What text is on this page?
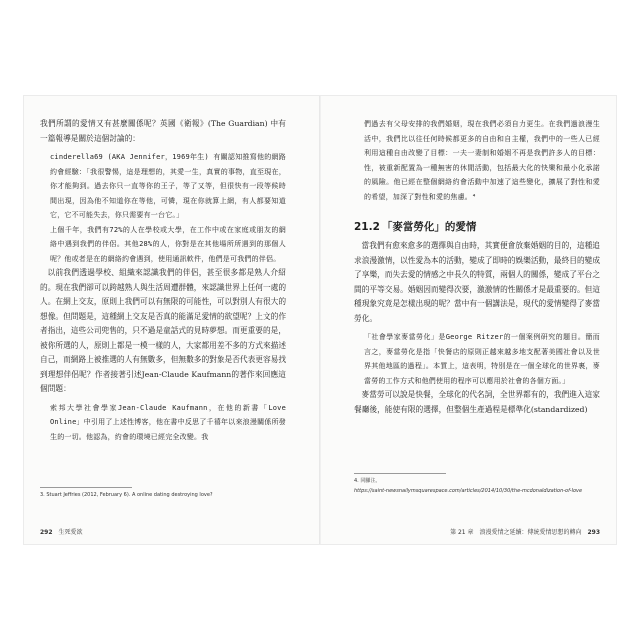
我們所謂的愛情又有甚麼關係呢？英國《衛報》(The Guardian) 中有一篇報導是關於這個討論的：

cinderella69 (AKA Jennifer，1969年生) 有關認知推寫他的網路約會經驗：「我很警惕，這是理想的，其愛一生，真實的事物，直至現在，你才能夠到。過去你只一直等你的王子，等了又等，但很快有一段等候時間出現，因為他不知道你在等他，可憐，現在你就算上網，有人都要知道它，它不可能失去，你只需要有一台它。」

上個千年，我們有72%的人在學校或大學，在工作中或在家庭或朋友的網絡中遇到我們的伴侶。其他28%的人，你對是在其他場所所遇到的那個人呢？他或者是在的網絡約會遇到，使用通訊軟件，他們是可我們的伴侶。

以前我們透過學校、組織來認識我們的伴侶，甚至很多都是熟人介紹的。現在我們卻可以跨越熟人與生活周遭群體，來認識世界上任何一處的人。在網上交友，原則上我們可以有無限的可能性，可以對別人有很大的想像。但問題是，這種網上交友是否真的能滿足愛情的欲望呢？上文的作者指出，這些公司兜售的，只不過是童話式的見時夢想。而更重要的是，被你所選的人，原則上都是一模一樣的人，大家都用差不多的方式來描述自己，而網路上被推選的人有無數多，但無數多的對象是否代表更容易找到理想伴侶呢？作者接著引述Jean-Claude Kaufmann的著作來回應這個問題：

索邦大學社會學家Jean-Claude Kaufmann，在他的新書「Love Online」中引用了上述性博客，他在書中反思了千禧年以來浪漫關係所發生的一切。他認為，約會的環境已經完全改變。我

3. Stuart Jeffries (2012, February 6). A online dating destroying love?
292 生死愛欲

們過去有父母安排的我們婚姻，現在我們必須自力更生。在我們過浪漫生活中，我們比以往任何時候都更多的自由和自主權，我們中的一些人已經利用這種自由改變了目標：一夫一妻制和婚姻不再是我們許多人的目標：性，被重新配置為一種無害的休閒活動，包括最大化的快樂和最小化承諾的風險。他已經在整個網絡約會活動中加速了這些變化，擴展了對性和愛的希望，加深了對性和愛的焦慮。⁴

21.2 「麥當勞化」的愛情

當我們有愈來愈多的選擇與自由時，其實便會放棄婚姻的目的，這種追求浪漫激情，以性愛為本的活動，變成了即時的娛樂活動，最終目的變成了享樂，而失去愛的情感之中長久的特質，兩個人的關係，變成了平台之間的平等交易。婚姻因而變得次要，激激情的性關係才是最重要的。但這種現象究竟是怎樣出現的呢？當中有一個講法是，現代的愛情變得了麥當勞化。

「社會學家麥當勞化」是George Ritzer的一個案例研究的題目。簡而言之，麥當勞化是指「快餐店的原則正越來越多地支配著美國社會以及世界其他地區的過程」。本質上，這表明，特別是在一個全球化的世界裏，麥當勞的工作方式和他們使用的程序可以應用於社會的各個方面。」

麥當勞可以說是快餐，全球化的代名詞，全世界都有的，我們進入這家餐廳後，能使有限的選擇，但整個生產過程是標準化(standardized)

4. 同腳注。
https://saint-newsnailymsquarespace.com/articles/2014/10/30/the-mcdonaldization-of-love
第 21 章 浪漫愛情之延續：傳統愛情思想的轉向 293
